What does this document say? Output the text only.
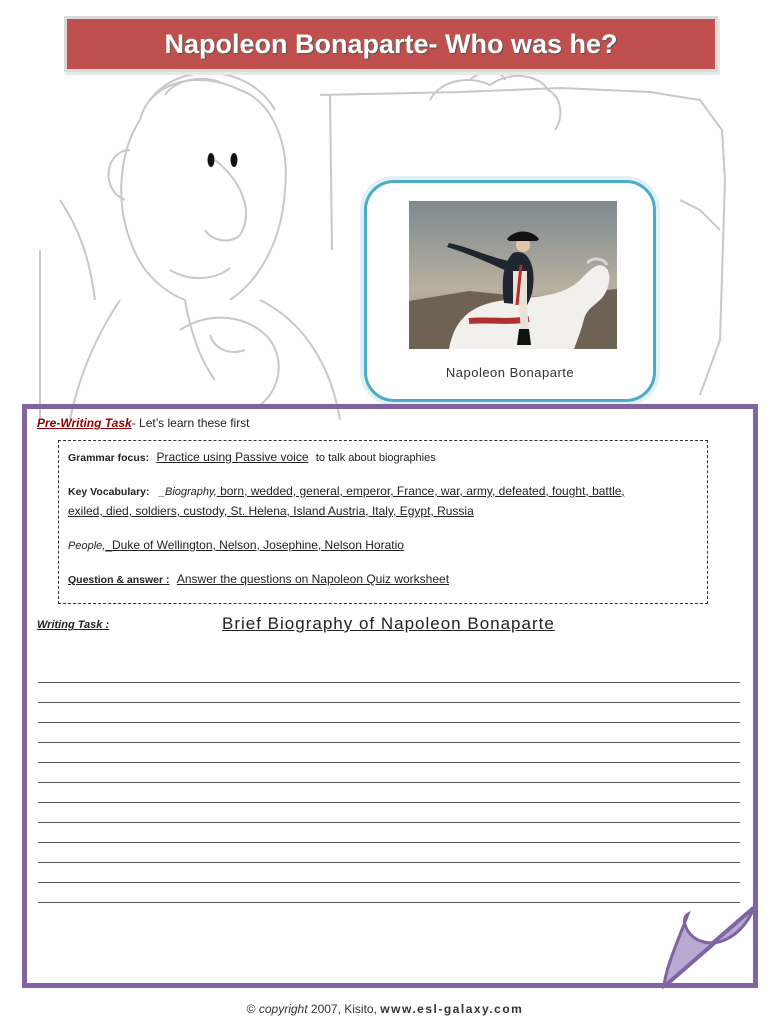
Napoleon Bonaparte- Who was he?
Napoleon Bonaparte
Pre-Writing Task- Let’s learn these first
Grammar focus: Practice using Passive voice to talk about biographies
Key Vocabulary: _Biography, born, wedded, general, emperor, France, war, army, defeated, fought, battle,
exiled, died, soldiers, custody, St. Helena, Island Austria, Italy, Egypt, Russia
People,_Duke of Wellington, Nelson, Josephine, Nelson Horatio
Question & answer : Answer the questions on Napoleon Quiz worksheet
Writing Task :	Brief Biography of Napoleon Bonaparte
© copyright 2007, Kisito, www.esl-galaxy.com
